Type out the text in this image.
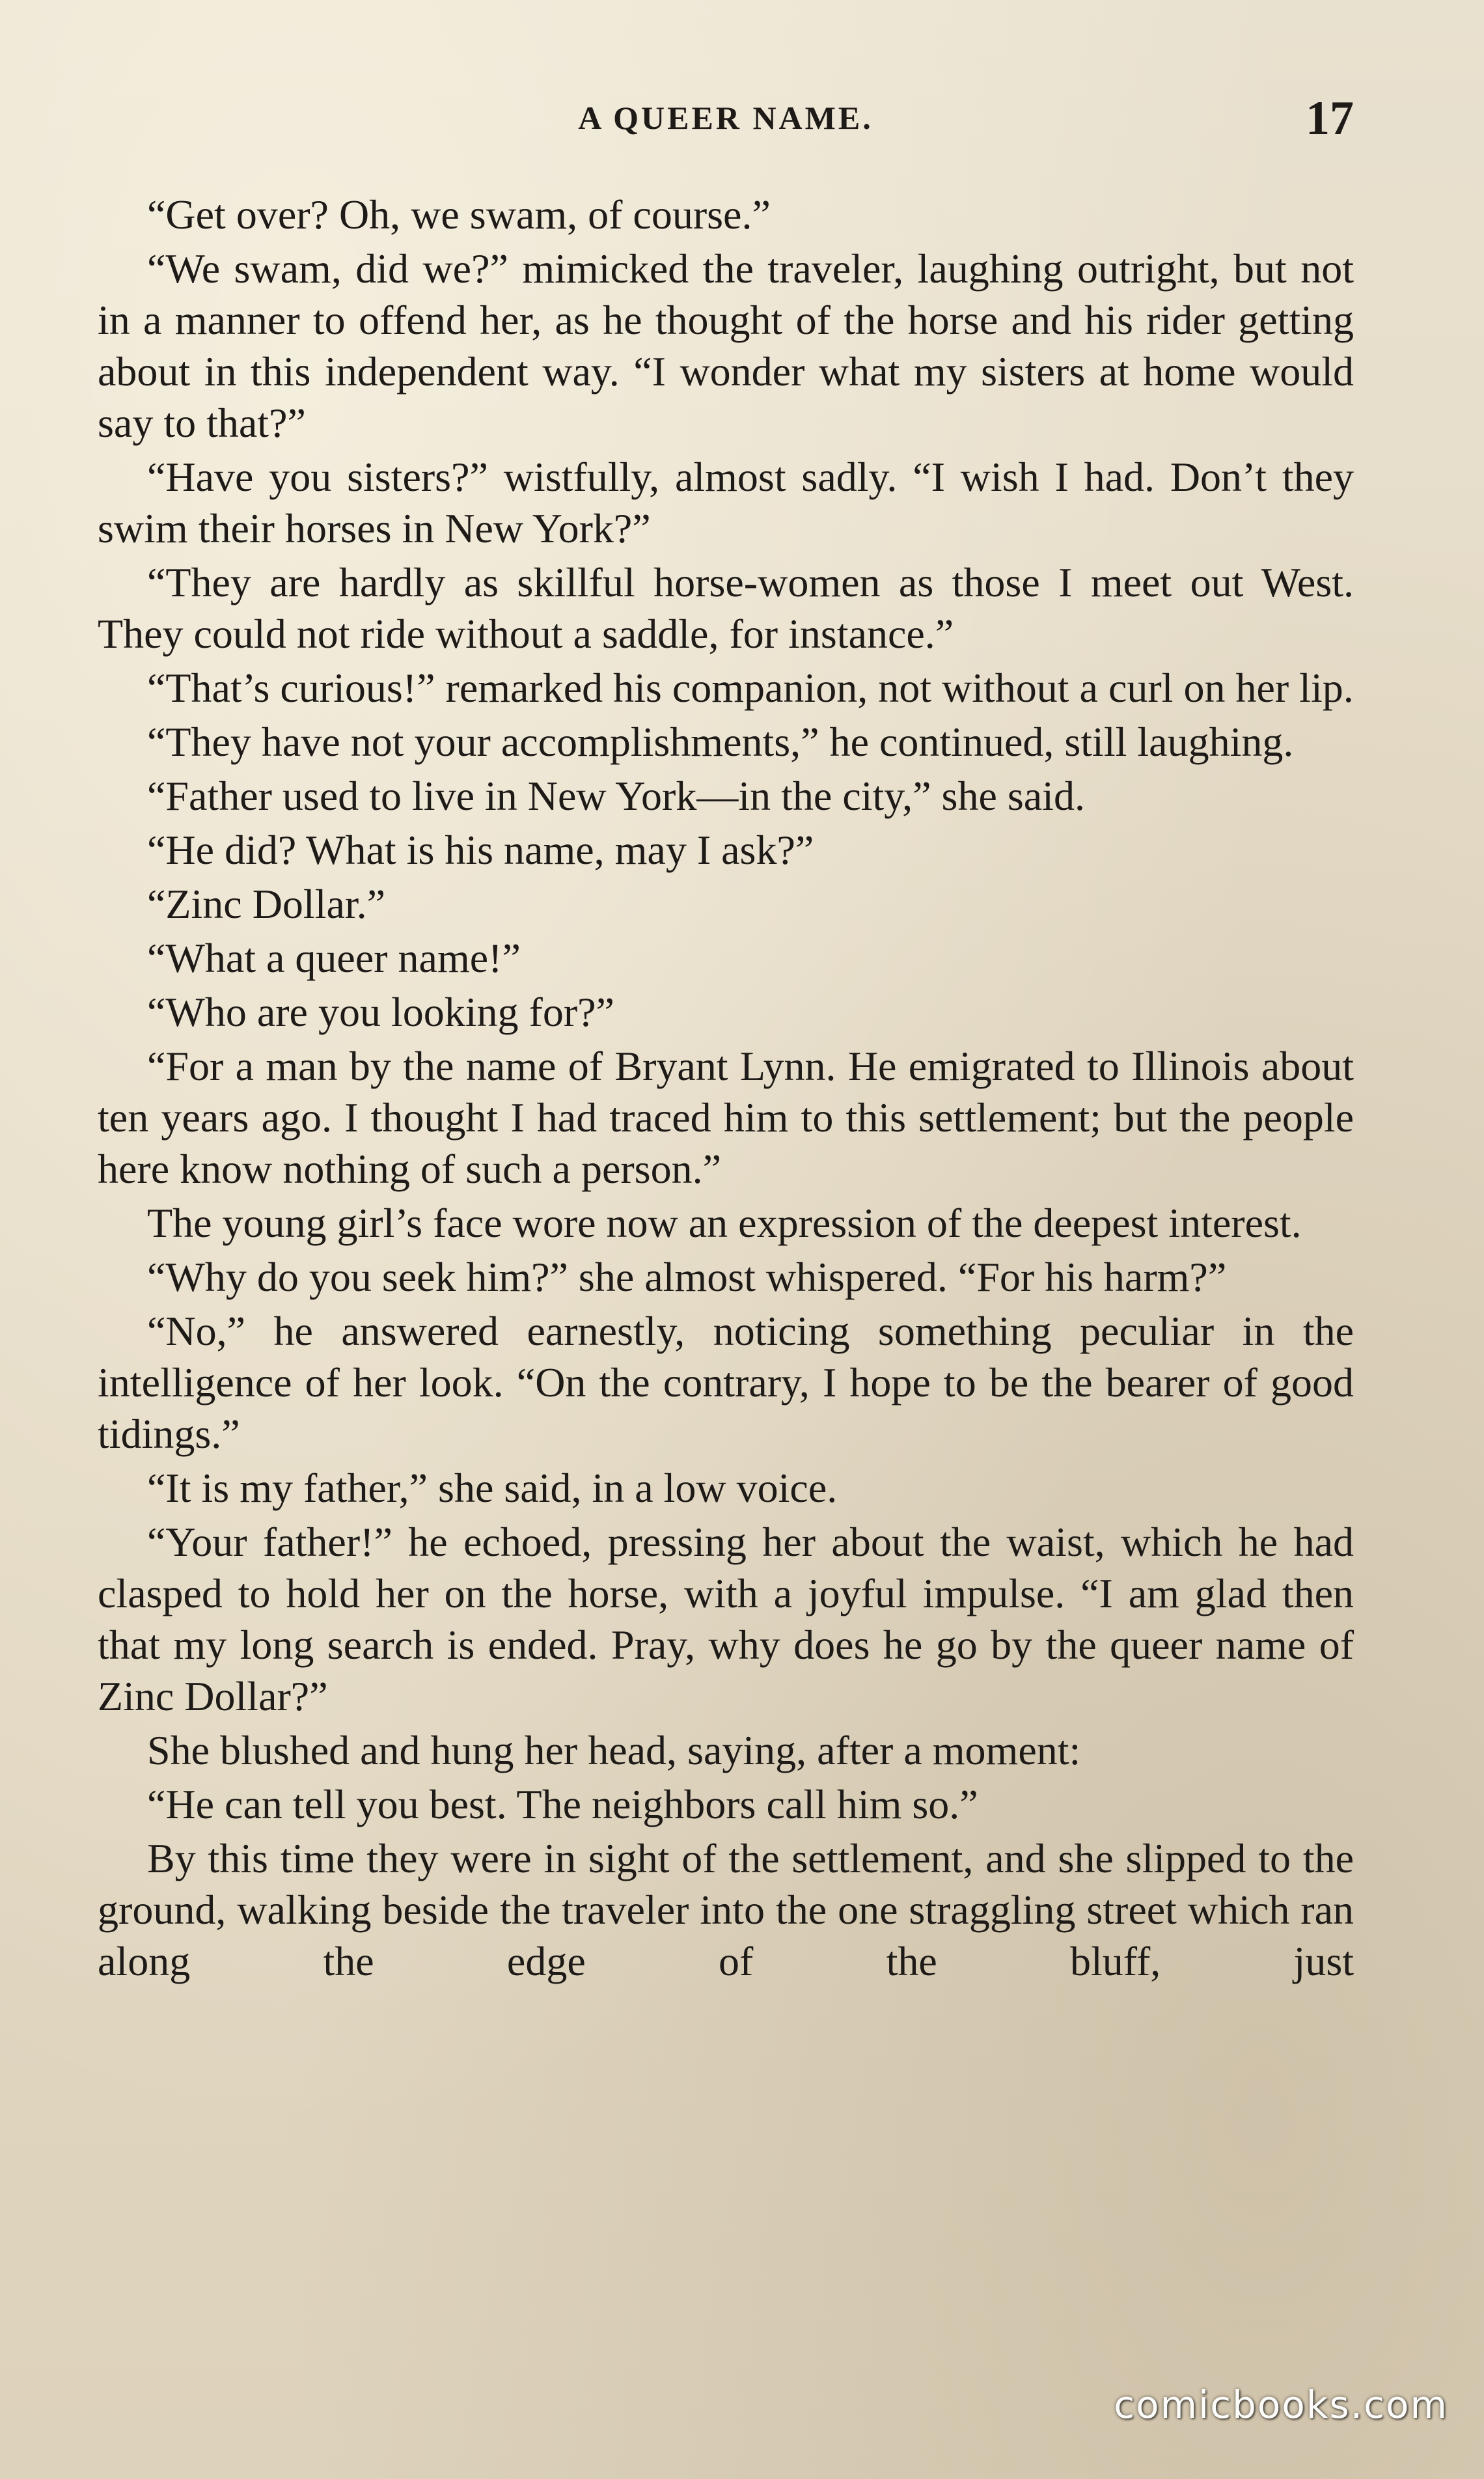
A QUEER NAME.	17

“Get over? Oh, we swam, of course.”

“We swam, did we?” mimicked the traveler, laughing outright, but not in a manner to offend her, as he thought of the horse and his rider getting about in this independent way. “I wonder what my sisters at home would say to that?”

“Have you sisters?” wistfully, almost sadly. “I wish I had. Don’t they swim their horses in New York?”

“They are hardly as skillful horse-women as those I meet out West. They could not ride without a saddle, for instance.”

“That’s curious!” remarked his companion, not without a curl on her lip.

“They have not your accomplishments,” he continued, still laughing.

“Father used to live in New York—in the city,” she said.

“He did? What is his name, may I ask?”

“Zinc Dollar.”

“What a queer name!”

“Who are you looking for?”

“For a man by the name of Bryant Lynn. He emigrated to Illinois about ten years ago. I thought I had traced him to this settlement; but the people here know nothing of such a person.”

The young girl’s face wore now an expression of the deepest interest.

“Why do you seek him?” she almost whispered. “For his harm?”

“No,” he answered earnestly, noticing something peculiar in the intelligence of her look. “On the contrary, I hope to be the bearer of good tidings.”

“It is my father,” she said, in a low voice.

“Your father!” he echoed, pressing her about the waist, which he had clasped to hold her on the horse, with a joyful impulse. “I am glad then that my long search is ended. Pray, why does he go by the queer name of Zinc Dollar?”

She blushed and hung her head, saying, after a moment:

“He can tell you best. The neighbors call him so.”

By this time they were in sight of the settlement, and she slipped to the ground, walking beside the traveler into the one straggling street which ran along the edge of the bluff, just

comicbooks.com
